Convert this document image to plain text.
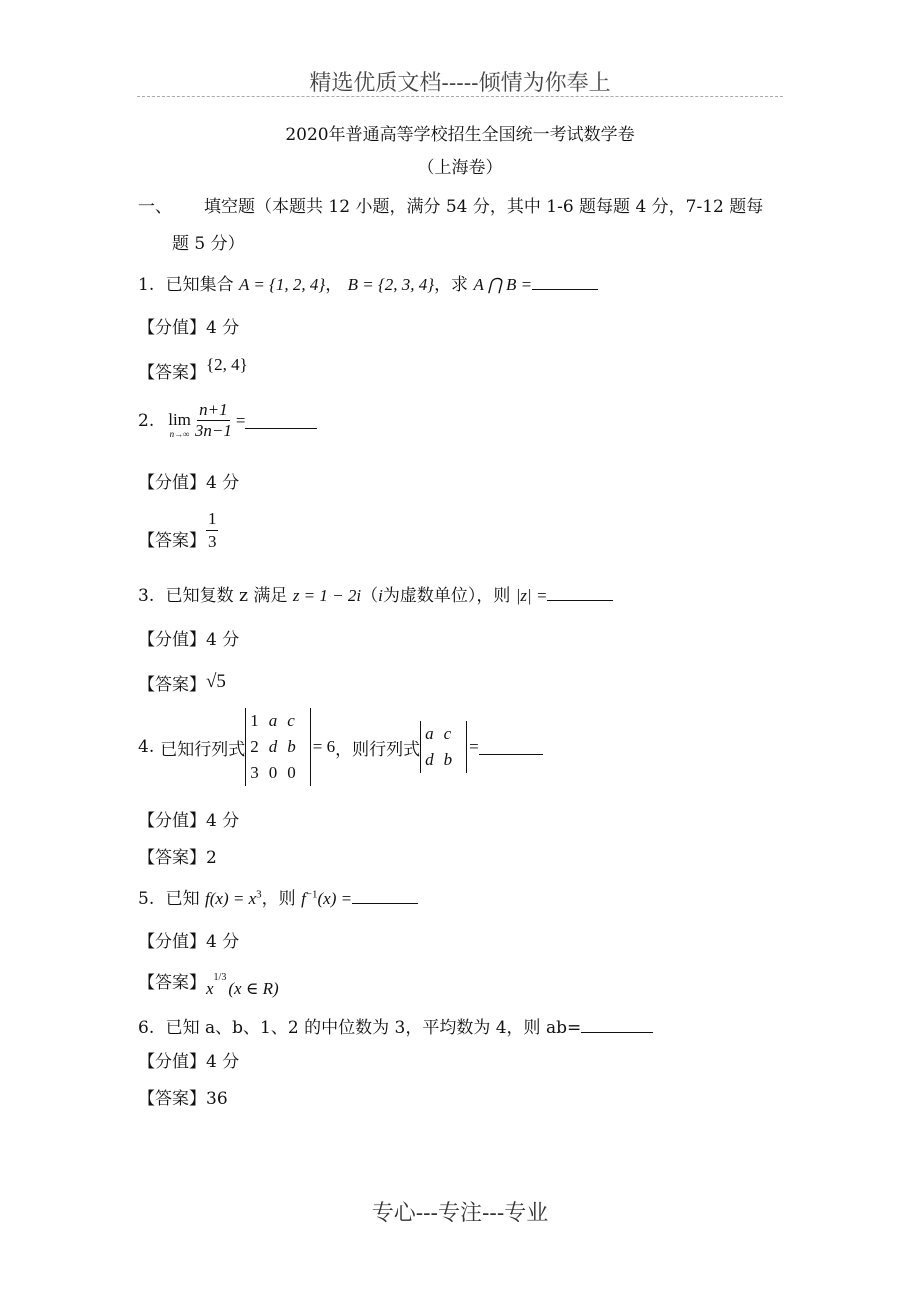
精选优质文档-----倾情为你奉上
2020年普通高等学校招生全国统一考试数学卷
（上海卷）
一、 填空题（本题共 12 小题，满分 54 分，其中 1-6 题每题 4 分，7-12 题每
题 5 分）
1. 已知集合 A = {1, 2, 4}， B = {2, 3, 4}，求 A ⋂ B =
【分值】4 分
【答案】{2, 4}
2. lim
$n\to\infty \frac{n+1}{3n-1}$ =
【分值】4 分
【答案】 $\frac{1}{3}$
3. 已知复数 z 满足 z = 1 − 2i（i为虚数单位），则 |z| =
【分值】4 分
【答案】√5
4. 已知行列式
1	a	c
2	d	b
3	0	0
= 6 ，则行列式
a	c
d	b
=
【分值】4 分
【答案】2
5. 已知 $f(x) = x^3$，则 $f^{-1}(x)$ =
【分值】4 分
【答案】$x^{1/3}(x$ ∈ R)
6. 已知 a、b、1、2 的中位数为 3，平均数为 4，则 ab=
【分值】4 分
【答案】36
专心---专注---专业
